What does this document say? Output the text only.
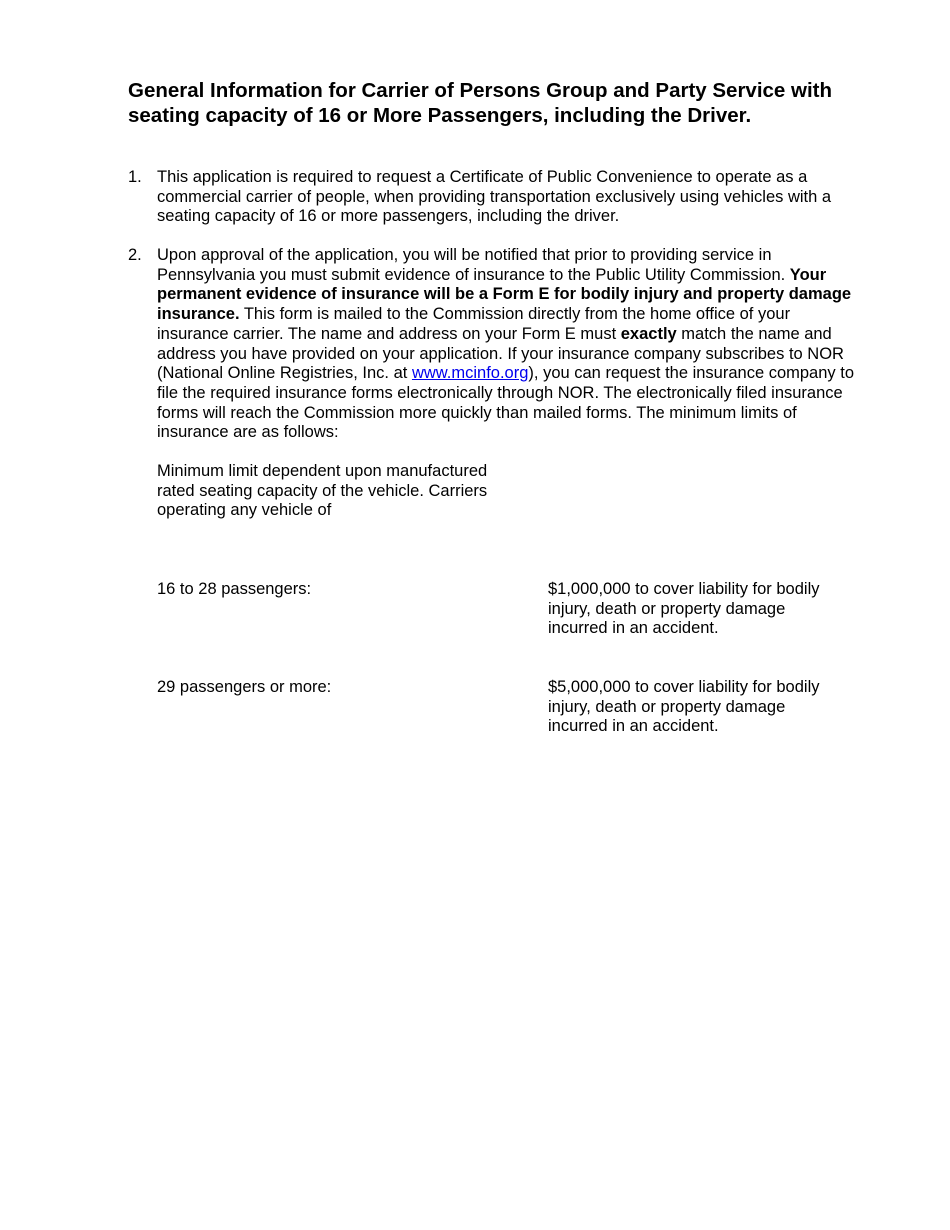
General Information for Carrier of Persons Group and Party Service with seating capacity of 16 or More Passengers, including the Driver.
1. This application is required to request a Certificate of Public Convenience to operate as a commercial carrier of people, when providing transportation exclusively using vehicles with a seating capacity of 16 or more passengers, including the driver.

2. Upon approval of the application, you will be notified that prior to providing service in Pennsylvania you must submit evidence of insurance to the Public Utility Commission. Your permanent evidence of insurance will be a Form E for bodily injury and property damage insurance. This form is mailed to the Commission directly from the home office of your insurance carrier. The name and address on your Form E must exactly match the name and address you have provided on your application. If your insurance company subscribes to NOR (National Online Registries, Inc. at www.mcinfo.org), you can request the insurance company to file the required insurance forms electronically through NOR. The electronically filed insurance forms will reach the Commission more quickly than mailed forms. The minimum limits of insurance are as follows:

Minimum limit dependent upon manufactured rated seating capacity of the vehicle. Carriers operating any vehicle of

16 to 28 passengers:	$1,000,000 to cover liability for bodily injury, death or property damage incurred in an accident.
29 passengers or more:	$5,000,000 to cover liability for bodily injury, death or property damage incurred in an accident.
